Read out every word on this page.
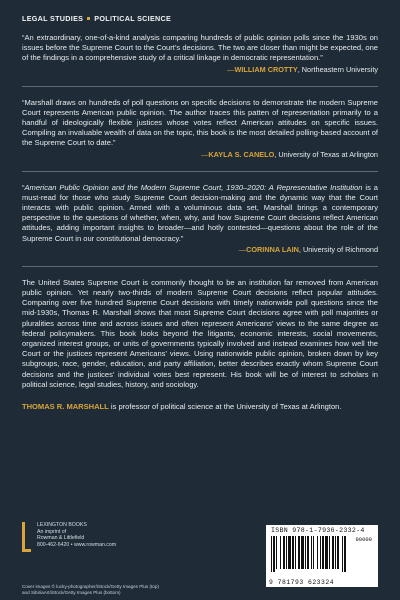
LEGAL STUDIES POLITICAL SCIENCE
“An extraordinary, one-of-a-kind analysis comparing hundreds of public opinion polls since the 1930s on issues before the Supreme Court to the Court’s decisions. The two are closer than might be expected, one of the findings in a comprehensive study of a critical linkage in democratic representation.”
—WILLIAM CROTTY, Northeastern University
“Marshall draws on hundreds of poll questions on specific decisions to demonstrate the modern Supreme Court represents American public opinion. The author traces this patten of representation primarily to a handful of ideologically flexible justices whose votes reflect American attitudes on specific issues. Compiling an invaluable wealth of data on the topic, this book is the most detailed polling-based account of the Supreme Court to date.”
—KAYLA S. CANELO, University of Texas at Arlington
“American Public Opinion and the Modern Supreme Court, 1930–2020: A Representative Institution is a must-read for those who study Supreme Court decision-making and the dynamic way that the Court interacts with public opinion. Armed with a voluminous data set, Marshall brings a contemporary perspective to the questions of whether, when, why, and how Supreme Court decisions reflect American attitudes, adding important insights to broader—and hotly contested—questions about the role of the Supreme Court in our constitutional democracy.”
—CORINNA LAIN, University of Richmond
The United States Supreme Court is commonly thought to be an institution far removed from American public opinion. Yet nearly two-thirds of modern Supreme Court decisions reflect popular attitudes. Comparing over five hundred Supreme Court decisions with timely nationwide poll questions since the mid-1930s, Thomas R. Marshall shows that most Supreme Court decisions agree with poll majorities or pluralities across time and across issues and often represent Americans’ views to the same degree as federal policymakers. This book looks beyond the litigants, economic interests, social movements, organized interest groups, or units of governments typically involved and instead examines how well the Court or the justices represent Americans’ views. Using nationwide public opinion, broken down by key subgroups, race, gender, education, and party affiliation, better describes exactly whom Supreme Court decisions and the justices’ individual votes best represent. His book will be of interest to scholars in political science, legal studies, history, and sociology.
THOMAS R. MARSHALL is professor of political science at the University of Texas at Arlington.
LEXINGTON BOOKS
An imprint of
Rowman & Littlefield
800-462-6420 • www.rowman.com
ISBN 978-1-7936-2332-4
90000
9 781793 623324
Cover images © lucky-photographer/iStock/Getty Images Plus (top)
and SibiriaArt/iStock/Getty Images Plus (bottom)
